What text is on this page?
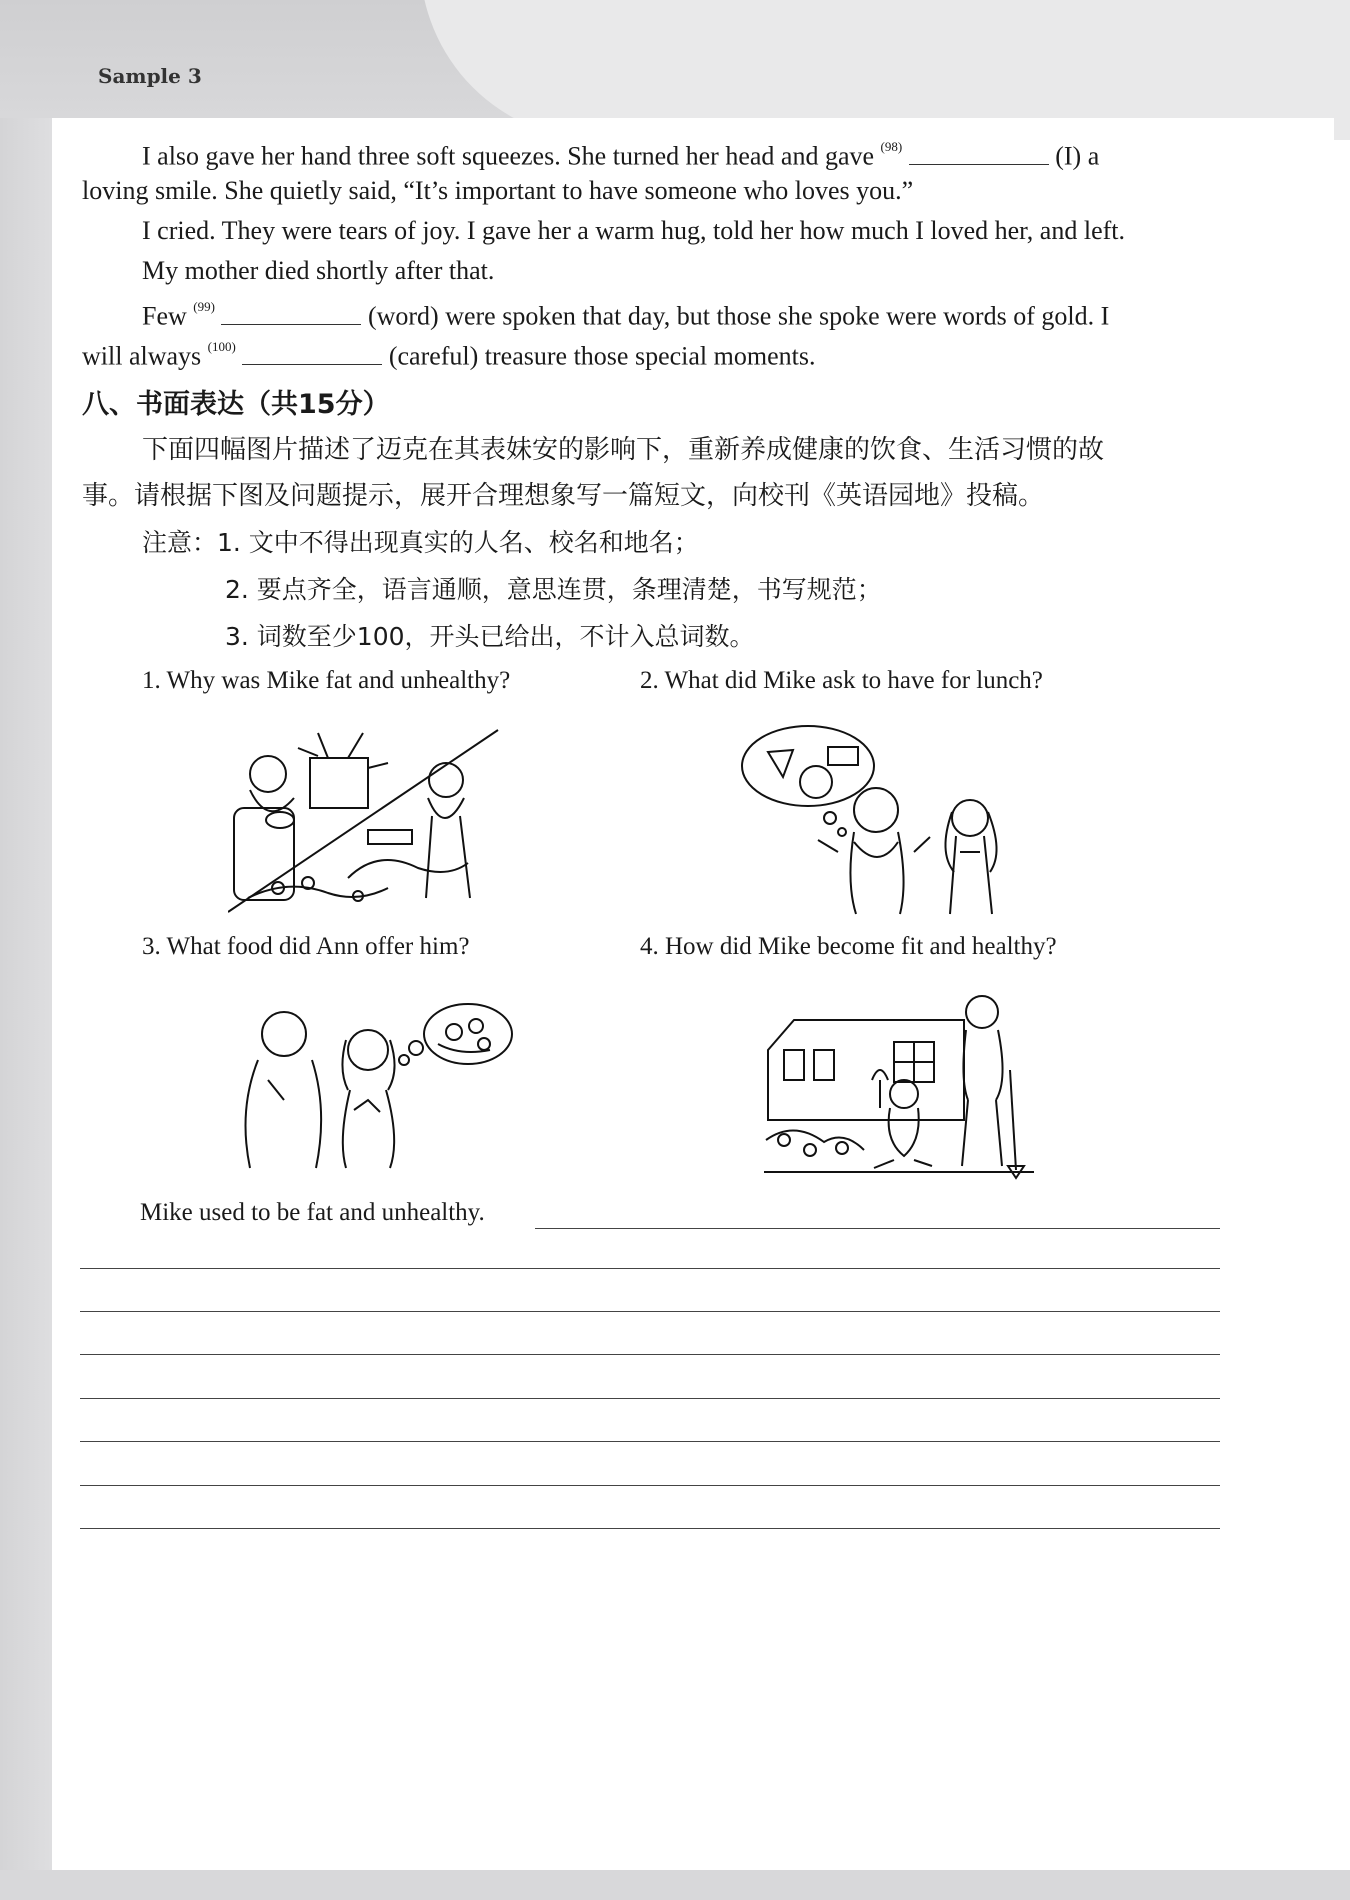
Sample 3
I also gave her hand three soft squeezes. She turned her head and gave $^{(98)}$	(I) a
loving smile. She quietly said, “It’s important to have someone who loves you.”
I cried. They were tears of joy. I gave her a warm hug, told her how much I loved her, and left.
My mother died shortly after that.
Few $^{(99)}$	(word) were spoken that day, but those she spoke were words of gold. I
will always $^{(100)}$	(careful) treasure those special moments.
八、书面表达（共15分）
下面四幅图片描述了迈克在其表妹安的影响下，重新养成健康的饮食、生活习惯的故
事。请根据下图及问题提示，展开合理想象写一篇短文，向校刊《英语园地》投稿。
注意：1. 文中不得出现真实的人名、校名和地名；
2. 要点齐全，语言通顺，意思连贯，条理清楚，书写规范；
3. 词数至少100，开头已给出，不计入总词数。
1. Why was Mike fat and unhealthy?	2. What did Mike ask to have for lunch?
3. What food did Ann offer him?	4. How did Mike become fit and healthy?
Mike used to be fat and unhealthy.
